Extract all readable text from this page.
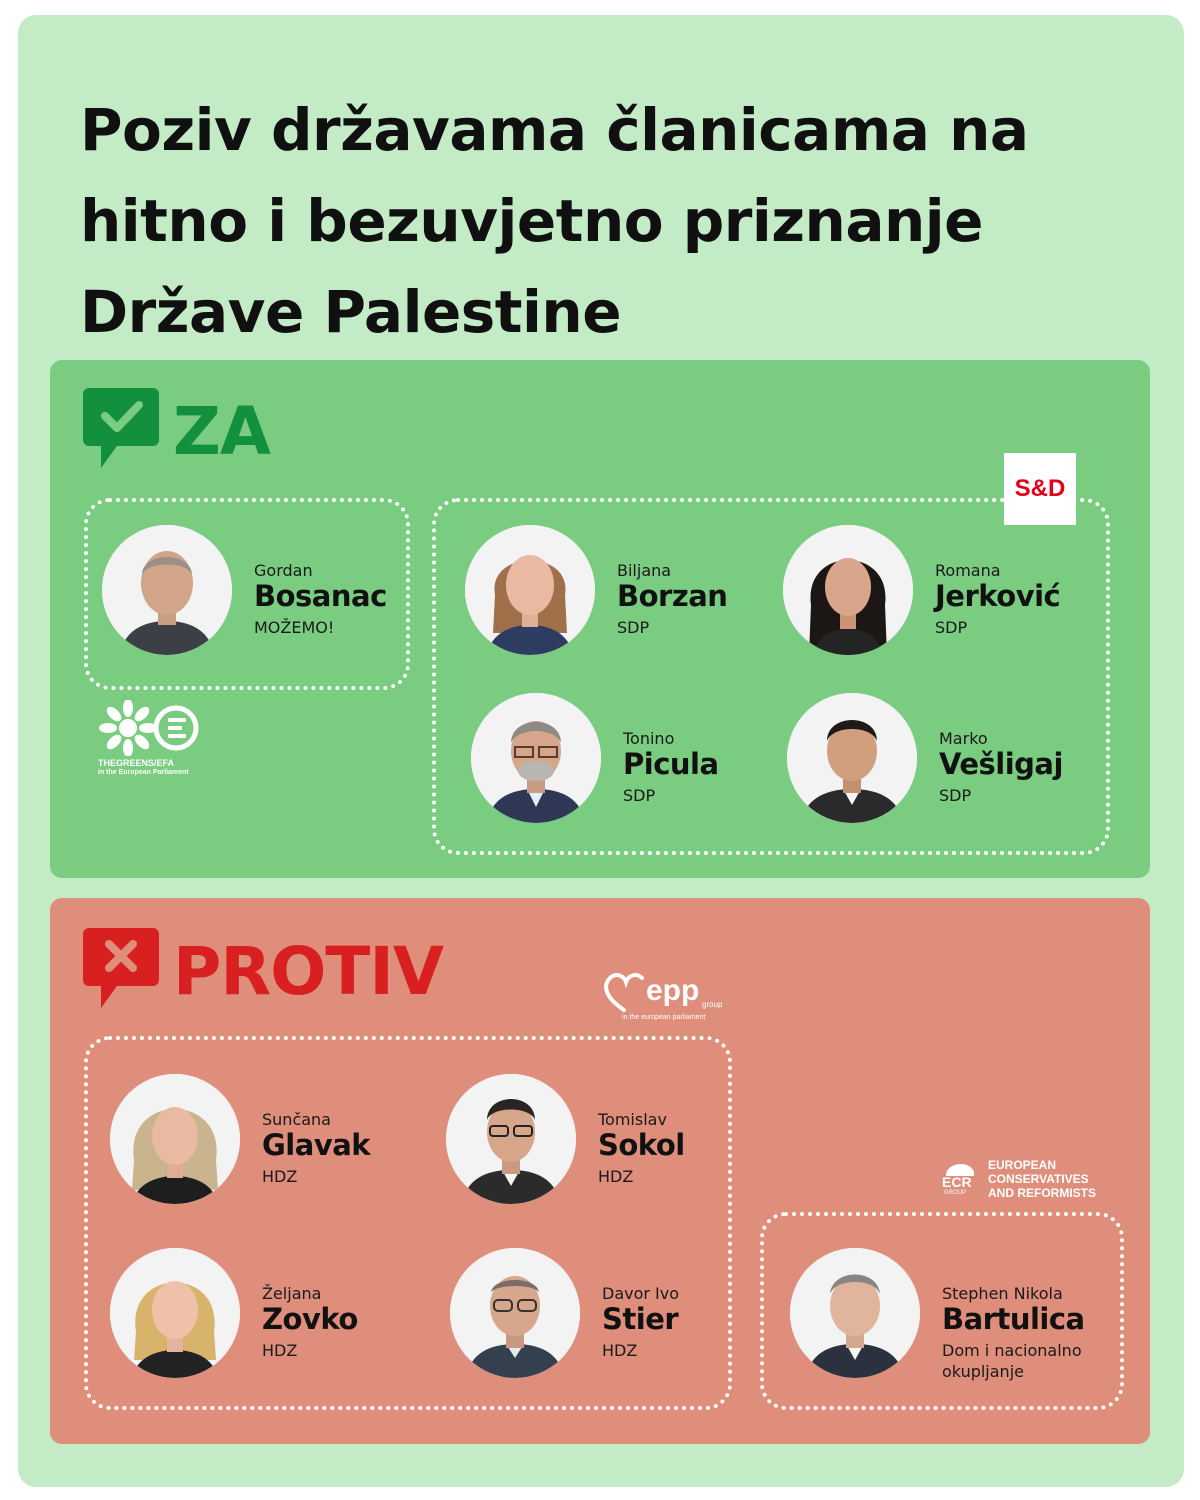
Poziv državama članicama na hitno i bezuvjetno priznanje Države Palestine
ZA
S&D
THEGREENS/EFA
in the European Parliament
Gordan
Bosanac
MOŽEMO!
Biljana
Borzan
SDP
Romana
Jerković
SDP
Tonino
Picula
SDP
Marko
Vešligaj
SDP
PROTIV	epp group
in the european parliament
ECR
GROUP
EUROPEAN
CONSERVATIVES
AND REFORMISTS
Sunčana
Glavak
HDZ
Tomislav
Sokol
HDZ
Željana
Zovko
HDZ
Davor Ivo
Stier
HDZ
Stephen Nikola
Bartulica
Dom i nacionalno okupljanje
